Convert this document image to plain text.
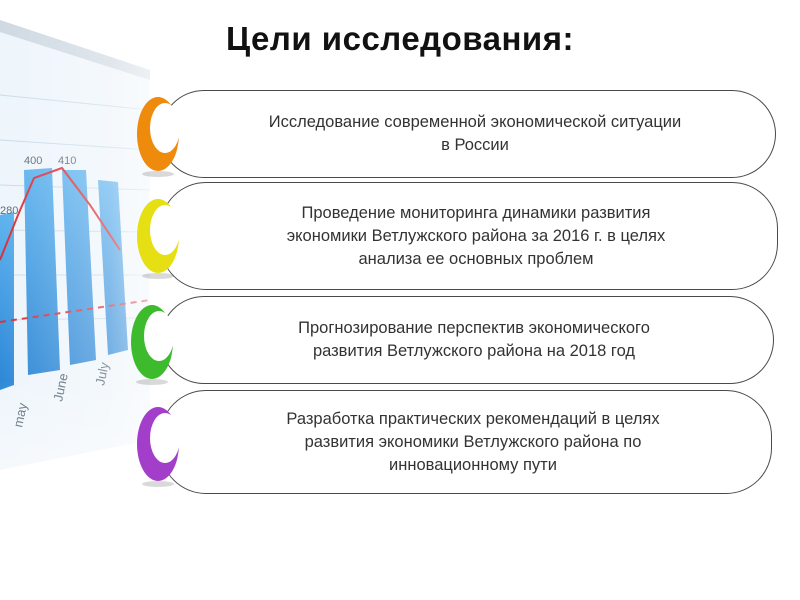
Цели исследования:
Исследование современной экономической ситуации
в России
Проведение мониторинга динамики развития
экономики Ветлужского района за 2016 г. в целях
анализа ее основных проблем
Прогнозирование перспектив экономического
развития Ветлужского района на 2018 год
Разработка практических рекомендаций в целях
развития экономики Ветлужского района по
инновационному пути
